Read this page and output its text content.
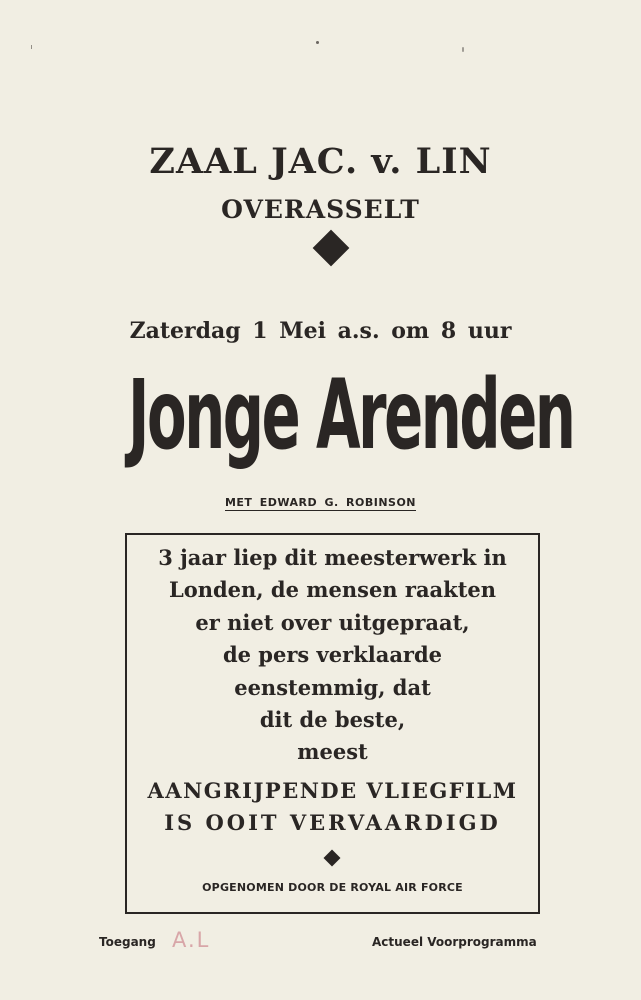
ZAAL JAC. v. LIN
OVERASSELT
Zaterdag 1 Mei a.s. om 8 uur
Jonge Arenden
MET EDWARD G. ROBINSON
3 jaar liep dit meesterwerk in
Londen, de mensen raakten
er niet over uitgepraat,
de pers verklaarde
eenstemmig, dat
dit de beste,
meest
AANGRIJPENDE VLIEGFILM
IS OOIT VERVAARDIGD
OPGENOMEN DOOR DE ROYAL AIR FORCE
Toegang A.L	Actueel Voorprogramma
